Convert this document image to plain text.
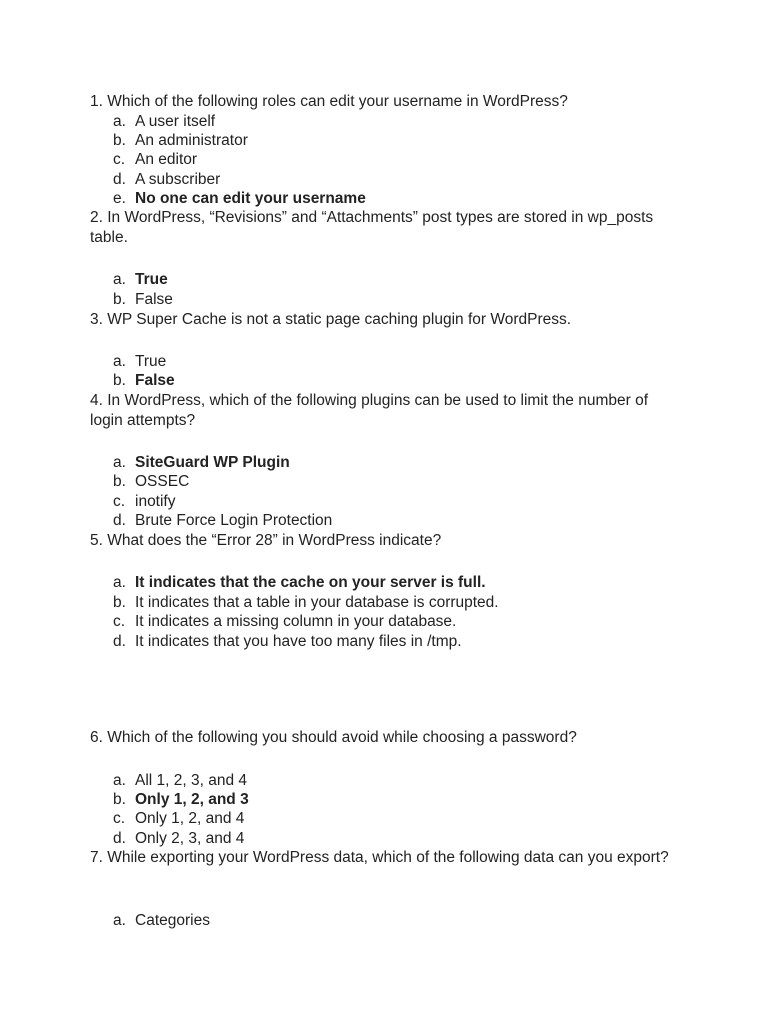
1. Which of the following roles can edit your username in WordPress?
a. A user itself
b. An administrator
c. An editor
d. A subscriber
e. No one can edit your username
2. In WordPress, “Revisions” and “Attachments” post types are stored in wp_posts table.
a. True
b. False
3. WP Super Cache is not a static page caching plugin for WordPress.
a. True
b. False
4. In WordPress, which of the following plugins can be used to limit the number of login attempts?
a. SiteGuard WP Plugin
b. OSSEC
c. inotify
d. Brute Force Login Protection
5. What does the “Error 28” in WordPress indicate?
a. It indicates that the cache on your server is full.
b. It indicates that a table in your database is corrupted.
c. It indicates a missing column in your database.
d. It indicates that you have too many files in /tmp.
6. Which of the following you should avoid while choosing a password?
a. All 1, 2, 3, and 4
b. Only 1, 2, and 3
c. Only 1, 2, and 4
d. Only 2, 3, and 4
7. While exporting your WordPress data, which of the following data can you export?
a. Categories
